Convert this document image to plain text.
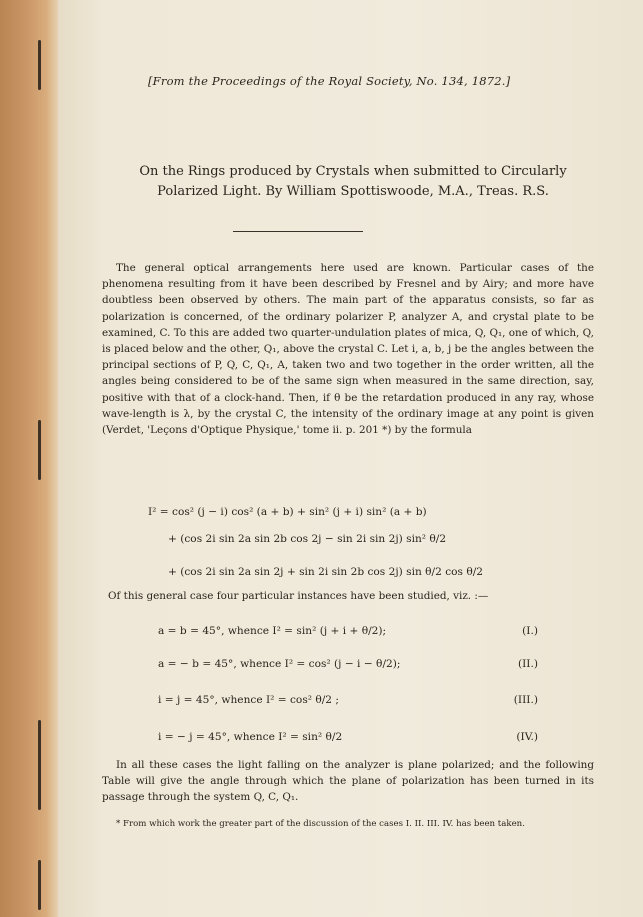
[From the Proceedings of the Royal Society, No. 134, 1872.]
On the Rings produced by Crystals when submitted to Circularly Polarized Light. By William Spottiswoode, M.A., Treas. R.S.

The general optical arrangements here used are known. Particular cases of the phenomena resulting from it have been described by Fresnel and by Airy; and more have doubtless been observed by others. The main part of the apparatus consists, so far as polarization is concerned, of the ordinary polarizer P, analyzer A, and crystal plate to be examined, C. To this are added two quarter-undulation plates of mica, Q, Q₁, one of which, Q, is placed below and the other, Q₁, above the crystal C. Let i, a, b, j be the angles between the principal sections of P, Q, C, Q₁, A, taken two and two together in the order written, all the angles being considered to be of the same sign when measured in the same direction, say, positive with that of a clock-hand. Then, if θ be the retardation produced in any ray, whose wave-length is λ, by the crystal C, the intensity of the ordinary image at any point is given (Verdet, 'Leçons d'Optique Physique,' tome ii. p. 201 *) by the formula

I² = cos² (j − i) cos² (a + b) + sin² (j + i) sin² (a + b)
+ (cos 2i sin 2a sin 2b cos 2j − sin 2i sin 2j) sin² θ/2
+ (cos 2i sin 2a sin 2j + sin 2i sin 2b cos 2j) sin θ/2 cos θ/2
Of this general case four particular instances have been studied, viz. :—
a = b = 45°, whence I² = sin² (j + i + θ/2);	(I.)
a = − b = 45°, whence I² = cos² (j − i − θ/2);	(II.)
i = j = 45°, whence I² = cos² θ/2 ;	(III.)
i = − j = 45°, whence I² = sin² θ/2	(IV.)

In all these cases the light falling on the analyzer is plane polarized; and the following Table will give the angle through which the plane of polarization has been turned in its passage through the system Q, C, Q₁.

* From which work the greater part of the discussion of the cases I. II. III. IV. has been taken.
